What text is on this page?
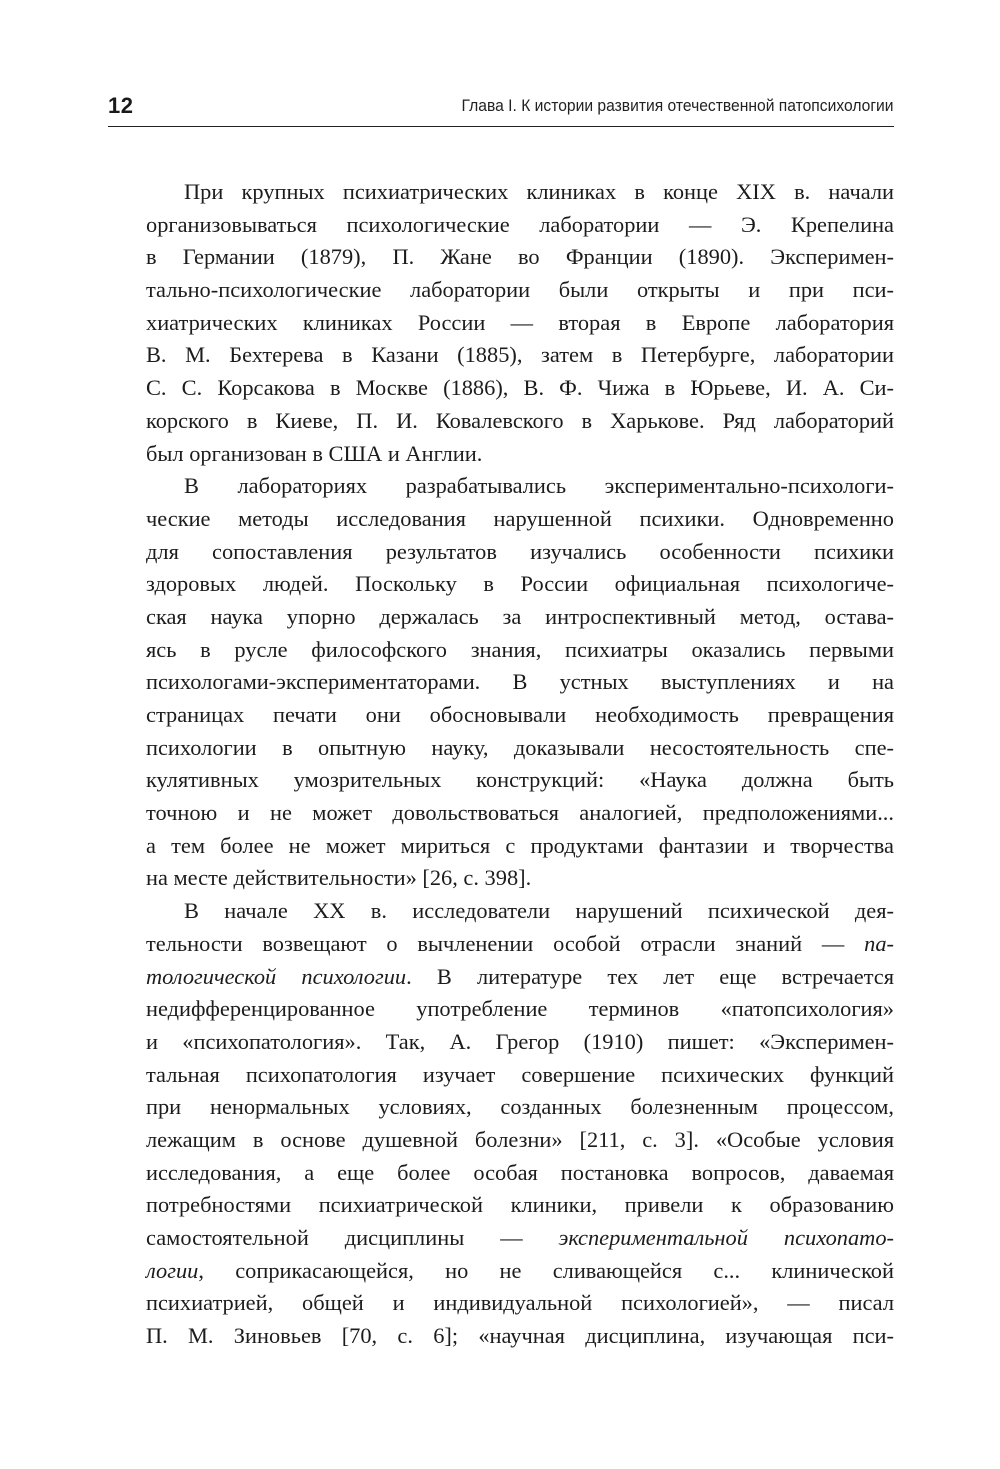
12	Глава I. К истории развития отечественной патопсихологии

При крупных психиатрических клиниках в конце XIX в. начали
организовываться психологические лаборатории — Э. Крепелина
в Германии (1879), П. Жане во Франции (1890). Эксперимен-
тально-психологические лаборатории были открыты и при пси-
хиатрических клиниках России — вторая в Европе лаборатория
В. М. Бехтерева в Казани (1885), затем в Петербурге, лаборатории
С. С. Корсакова в Москве (1886), В. Ф. Чижа в Юрьеве, И. А. Си-
корского в Киеве, П. И. Ковалевского в Харькове. Ряд лабораторий
был организован в США и Англии.

В лабораториях разрабатывались экспериментально-психологи-
ческие методы исследования нарушенной психики. Одновременно
для сопоставления результатов изучались особенности психики
здоровых людей. Поскольку в России официальная психологиче-
ская наука упорно держалась за интроспективный метод, остава-
ясь в русле философского знания, психиатры оказались первыми
психологами-экспериментаторами. В устных выступлениях и на
страницах печати они обосновывали необходимость превращения
психологии в опытную науку, доказывали несостоятельность спе-
кулятивных умозрительных конструкций: «Наука должна быть
точною и не может довольствоваться аналогией, предположениями...
а тем более не может мириться с продуктами фантазии и творчества
на месте действительности» [26, с. 398].

В начале XX в. исследователи нарушений психической дея-
тельности возвещают о вычленении особой отрасли знаний — па-
тологической психологии. В литературе тех лет еще встречается
недифференцированное употребление терминов «патопсихология»
и «психопатология». Так, А. Грегор (1910) пишет: «Эксперимен-
тальная психопатология изучает совершение психических функций
при ненормальных условиях, созданных болезненным процессом,
лежащим в основе душевной болезни» [211, с. 3]. «Особые условия
исследования, а еще более особая постановка вопросов, даваемая
потребностями психиатрической клиники, привели к образованию
самостоятельной дисциплины — экспериментальной психопато-
логии, соприкасающейся, но не сливающейся с... клинической
психиатрией, общей и индивидуальной психологией», — писал
П. М. Зиновьев [70, с. 6]; «научная дисциплина, изучающая пси-
